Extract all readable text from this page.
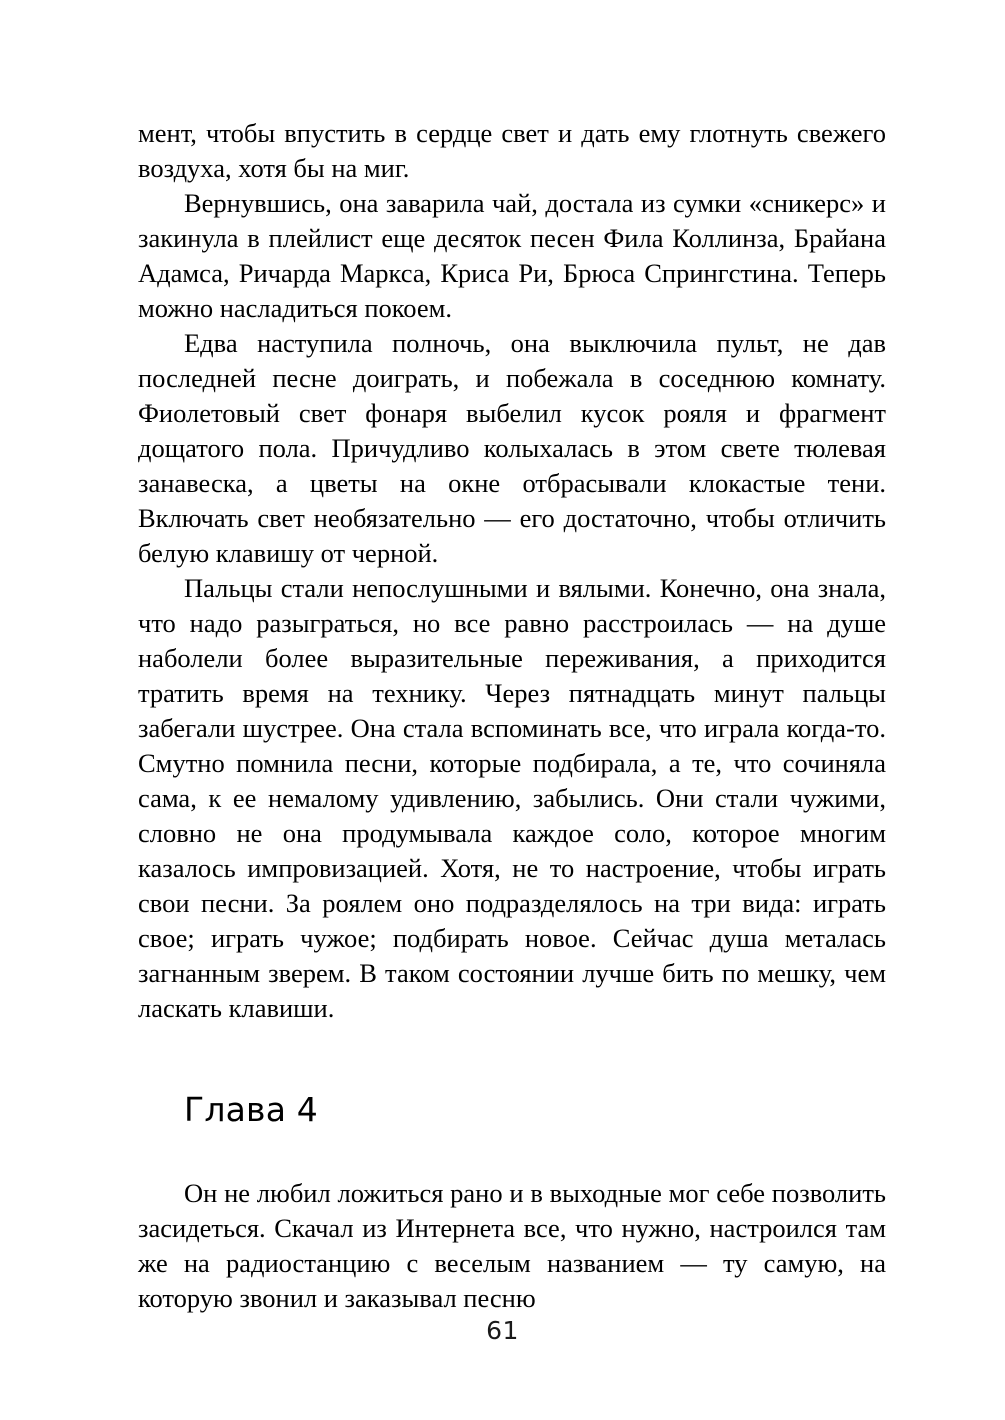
мент, чтобы впустить в сердце свет и дать ему глотнуть свежего воздуха, хотя бы на миг.

Вернувшись, она заварила чай, достала из сумки «сникерс» и закинула в плейлист еще десяток песен Фила Коллинза, Брайана Адамса, Ричарда Маркса, Криса Ри, Брюса Спрингстина. Теперь можно насладиться покоем.

Едва наступила полночь, она выключила пульт, не дав последней песне доиграть, и побежала в соседнюю комнату. Фиолетовый свет фонаря выбелил кусок рояля и фрагмент дощатого пола. Причудливо колыхалась в этом свете тюлевая занавеска, а цветы на окне отбрасывали клокастые тени. Включать свет необязательно — его достаточно, чтобы отличить белую клавишу от черной.

Пальцы стали непослушными и вялыми. Конечно, она знала, что надо разыграться, но все равно расстроилась — на душе наболели более выразительные переживания, а приходится тратить время на технику. Через пятнадцать минут пальцы забегали шустрее. Она стала вспоминать все, что играла когда-то. Смутно помнила песни, которые подбирала, а те, что сочиняла сама, к ее немалому удивлению, забылись. Они стали чужими, словно не она продумывала каждое соло, которое многим казалось импровизацией. Хотя, не то настроение, чтобы играть свои песни. За роялем оно подразделялось на три вида: играть свое; играть чужое; подбирать новое. Сейчас душа металась загнанным зверем. В таком состоянии лучше бить по мешку, чем ласкать клавиши.

Глава 4

Он не любил ложиться рано и в выходные мог себе позволить засидеться. Скачал из Интернета все, что нужно, настроился там же на радиостанцию с веселым названием — ту самую, на которую звонил и заказывал песню

61
